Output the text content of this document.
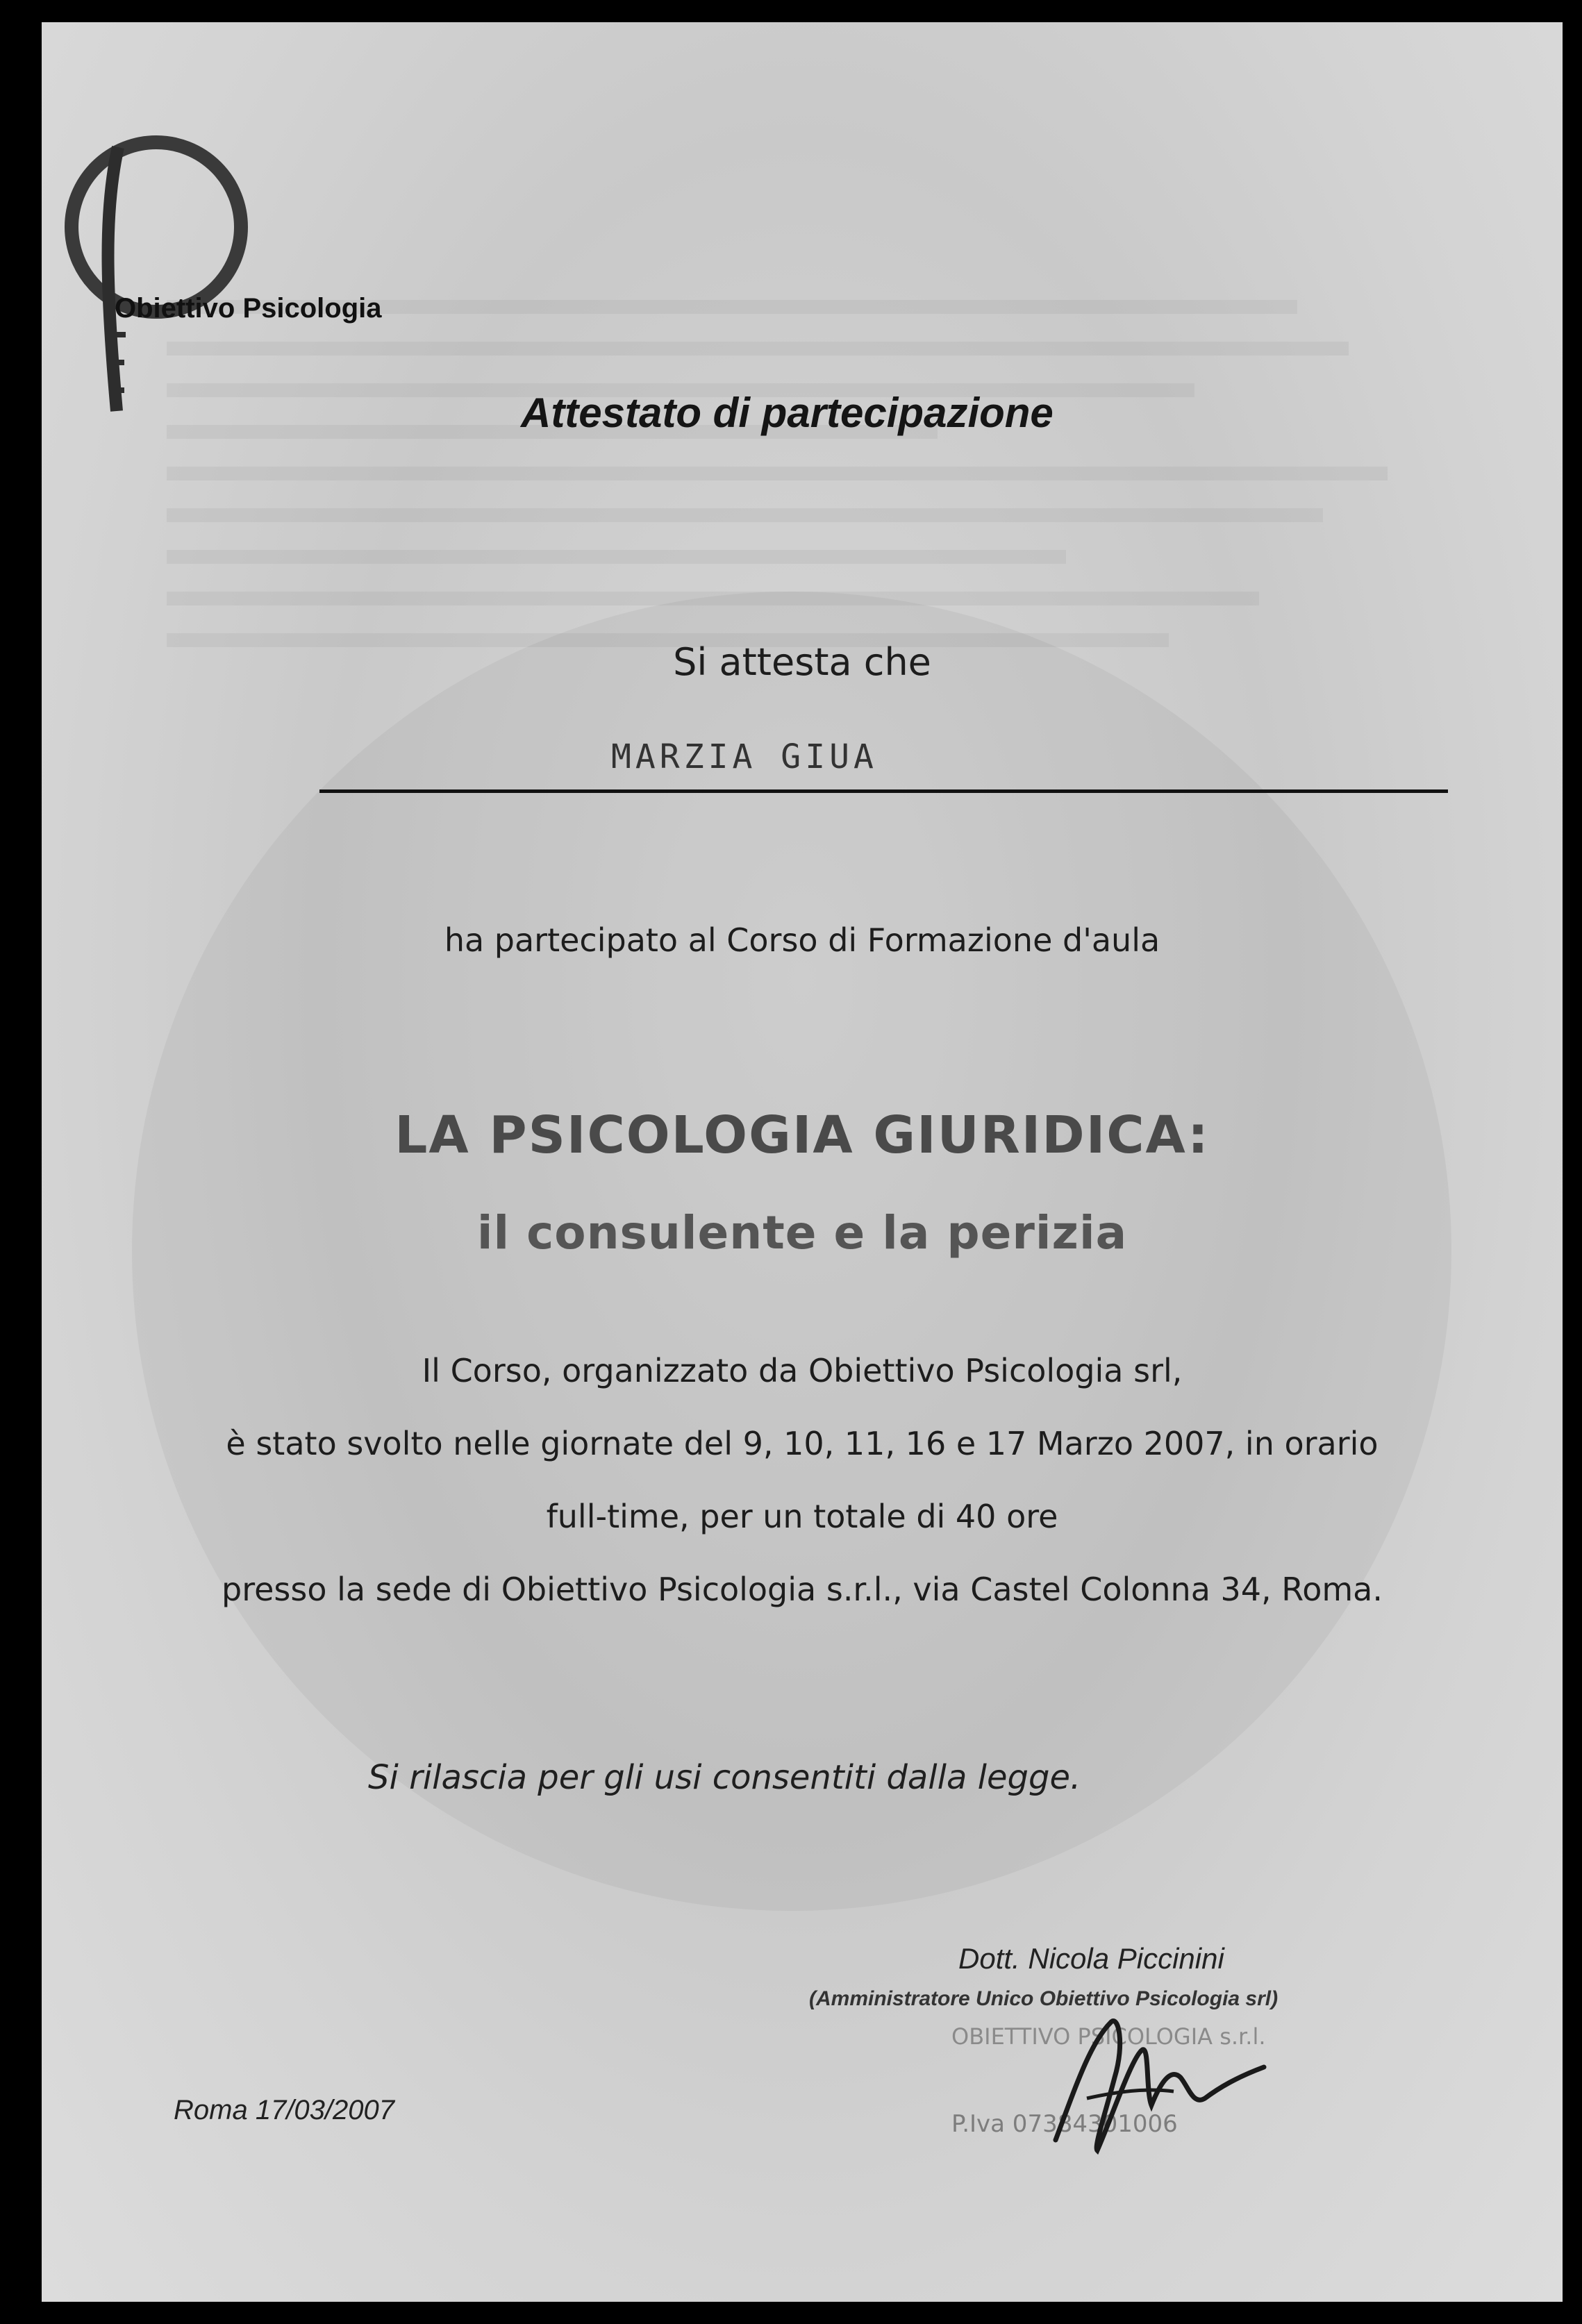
Obiettivo Psicologia
Attestato di partecipazione
Si attesta che
MARZIA GIUA
ha partecipato al Corso di Formazione d'aula
LA PSICOLOGIA GIURIDICA:
il consulente e la perizia
Il Corso, organizzato da Obiettivo Psicologia srl,
è stato svolto nelle giornate del 9, 10, 11, 16 e 17 Marzo 2007, in orario
full-time, per un totale di 40 ore
presso la sede di Obiettivo Psicologia s.r.l., via Castel Colonna 34, Roma.
Si rilascia per gli usi consentiti dalla legge.
Dott. Nicola Piccinini
(Amministratore Unico Obiettivo Psicologia srl)
OBIETTIVO PSICOLOGIA s.r.l.
P.Iva 07384301006
Roma 17/03/2007
